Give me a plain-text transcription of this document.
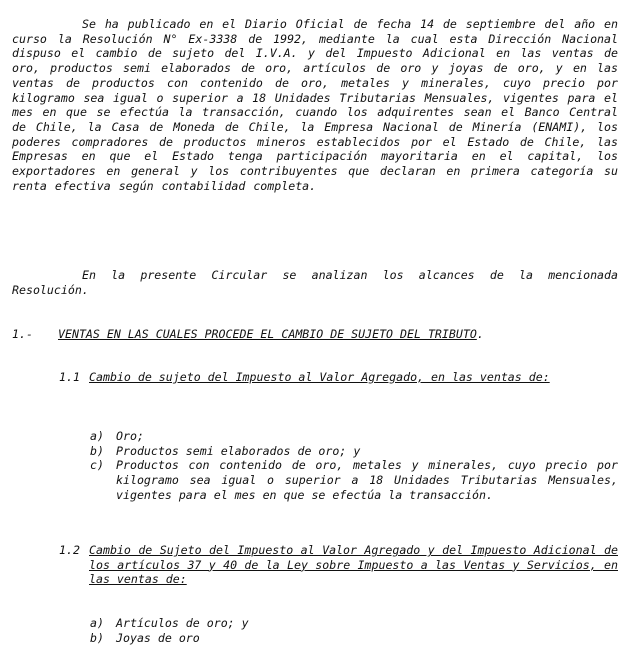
Se ha publicado en el Diario Oficial de fecha 14 de septiembre del año en curso la Resolución N° Ex-3338 de 1992, mediante la cual esta Dirección Nacional dispuso el cambio de sujeto del I.V.A. y del Impuesto Adicional en las ventas de oro, productos semi elaborados de oro, artículos de oro y joyas de oro, y en las ventas de productos con contenido de oro, metales y minerales, cuyo precio por kilogramo sea igual o superior a 18 Unidades Tributarias Mensuales, vigentes para el mes en que se efectúa la transacción, cuando los adquirentes sean el Banco Central de Chile, la Casa de Moneda de Chile, la Empresa Nacional de Minería (ENAMI), los poderes compradores de productos mineros establecidos por el Estado de Chile, las Empresas en que el Estado tenga participación mayoritaria en el capital, los exportadores en general y los contribuyentes que declaran en primera categoría su renta efectiva según contabilidad completa.
En la presente Circular se analizan los alcances de la mencionada Resolución.
1.- VENTAS EN LAS CUALES PROCEDE EL CAMBIO DE SUJETO DEL TRIBUTO.
1.1 Cambio de sujeto del Impuesto al Valor Agregado, en las ventas de:
a) Oro;
b) Productos semi elaborados de oro; y
c) Productos con contenido de oro, metales y minerales, cuyo precio por kilogramo sea igual o superior a 18 Unidades Tributarias Mensuales, vigentes para el mes en que se efectúa la transacción.
1.2 Cambio de Sujeto del Impuesto al Valor Agregado y del Impuesto Adicional de los artículos 37 y 40 de la Ley sobre Impuesto a las Ventas y Servicios, en las ventas de:
a) Artículos de oro; y
b) Joyas de oro
